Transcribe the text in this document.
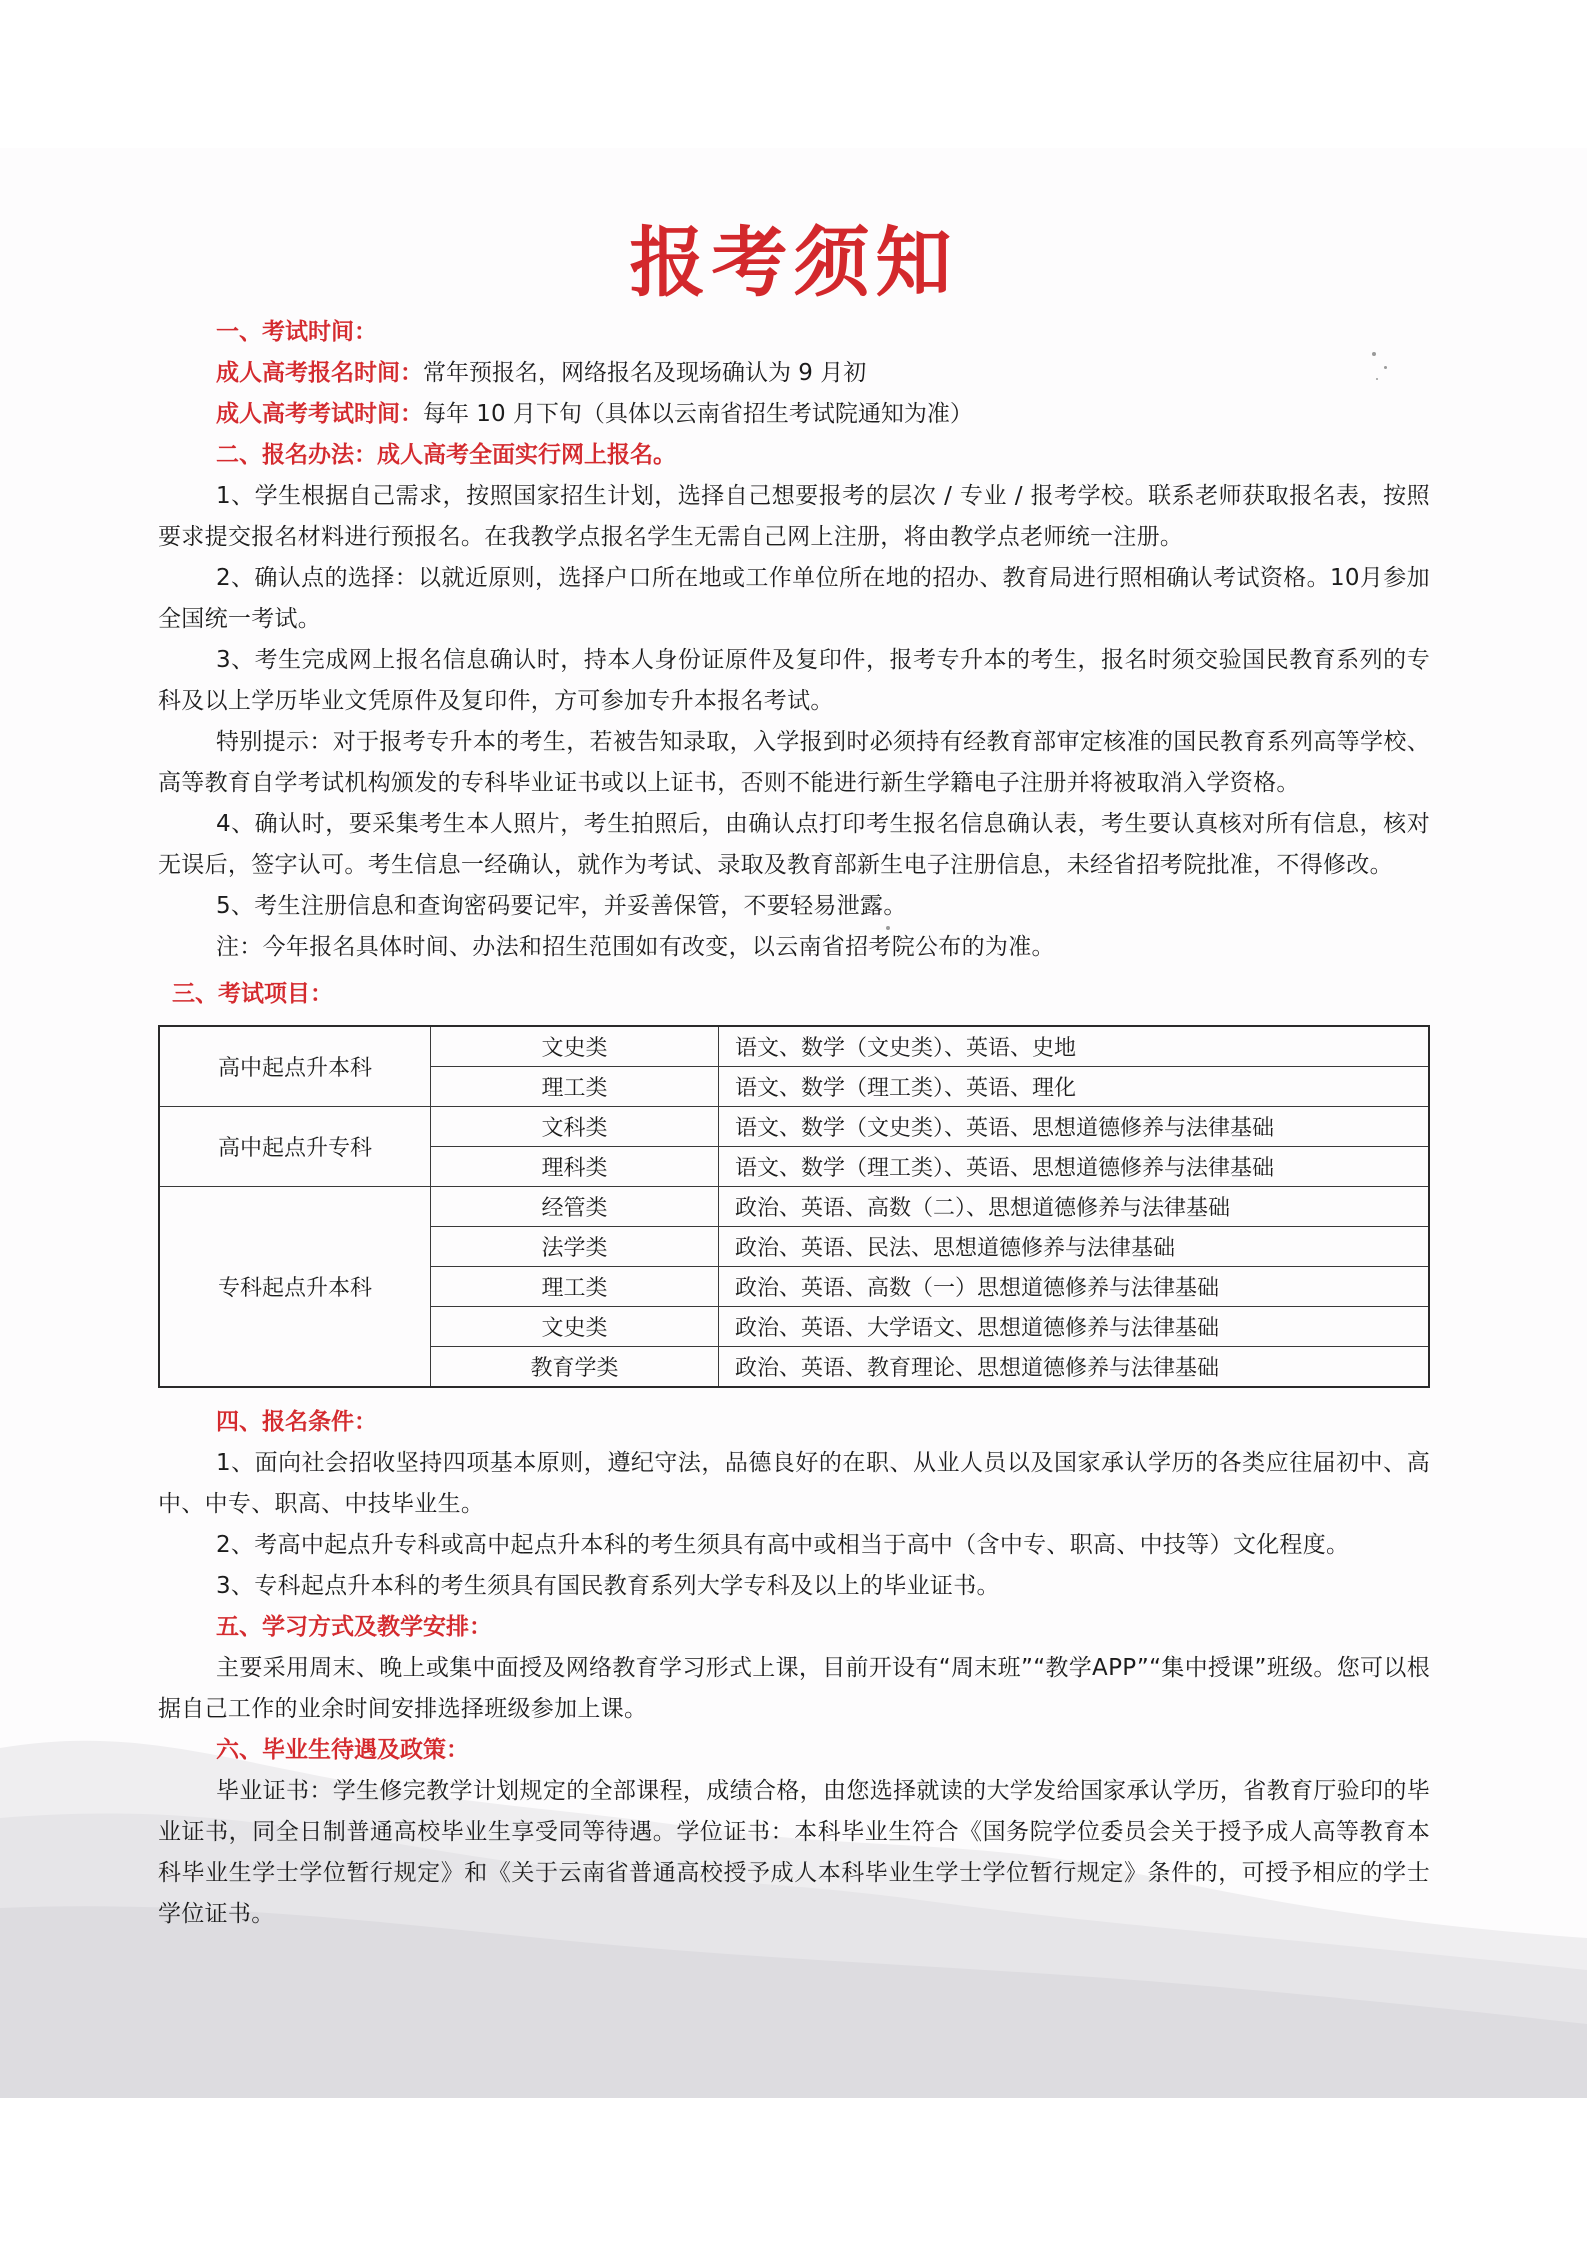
报考须知
一、考试时间：
成人高考报名时间：常年预报名，网络报名及现场确认为 9 月初
成人高考考试时间：每年 10 月下旬（具体以云南省招生考试院通知为准）
二、报名办法：成人高考全面实行网上报名。
1、学生根据自己需求，按照国家招生计划，选择自己想要报考的层次 / 专业 / 报考学校。联系老师获取报名表，按照要求提交报名材料进行预报名。在我教学点报名学生无需自己网上注册，将由教学点老师统一注册。
2、确认点的选择：以就近原则，选择户口所在地或工作单位所在地的招办、教育局进行照相确认考试资格。10月参加全国统一考试。
3、考生完成网上报名信息确认时，持本人身份证原件及复印件，报考专升本的考生，报名时须交验国民教育系列的专科及以上学历毕业文凭原件及复印件，方可参加专升本报名考试。
特别提示：对于报考专升本的考生，若被告知录取，入学报到时必须持有经教育部审定核准的国民教育系列高等学校、高等教育自学考试机构颁发的专科毕业证书或以上证书，否则不能进行新生学籍电子注册并将被取消入学资格。
4、确认时，要采集考生本人照片，考生拍照后，由确认点打印考生报名信息确认表，考生要认真核对所有信息，核对无误后，签字认可。考生信息一经确认，就作为考试、录取及教育部新生电子注册信息，未经省招考院批准，不得修改。
5、考生注册信息和查询密码要记牢，并妥善保管，不要轻易泄露。
注：今年报名具体时间、办法和招生范围如有改变，以云南省招考院公布的为准。
三、考试项目：
高中起点升本科	文史类	语文、数学（文史类）、英语、史地
	理工类	语文、数学（理工类）、英语、理化
高中起点升专科	文科类	语文、数学（文史类）、英语、思想道德修养与法律基础
	理科类	语文、数学（理工类）、英语、思想道德修养与法律基础
专科起点升本科	经管类	政治、英语、高数（二）、思想道德修养与法律基础
	法学类	政治、英语、民法、思想道德修养与法律基础
	理工类	政治、英语、高数（一）思想道德修养与法律基础
	文史类	政治、英语、大学语文、思想道德修养与法律基础
	教育学类	政治、英语、教育理论、思想道德修养与法律基础
四、报名条件：
1、面向社会招收坚持四项基本原则，遵纪守法，品德良好的在职、从业人员以及国家承认学历的各类应往届初中、高中、中专、职高、中技毕业生。
2、考高中起点升专科或高中起点升本科的考生须具有高中或相当于高中（含中专、职高、中技等）文化程度。
3、专科起点升本科的考生须具有国民教育系列大学专科及以上的毕业证书。
五、学习方式及教学安排：
主要采用周末、晚上或集中面授及网络教育学习形式上课，目前开设有“周末班”“教学APP”“集中授课”班级。您可以根据自己工作的业余时间安排选择班级参加上课。
六、毕业生待遇及政策：
毕业证书：学生修完教学计划规定的全部课程，成绩合格，由您选择就读的大学发给国家承认学历，省教育厅验印的毕业证书，同全日制普通高校毕业生享受同等待遇。学位证书：本科毕业生符合《国务院学位委员会关于授予成人高等教育本科毕业生学士学位暂行规定》和《关于云南省普通高校授予成人本科毕业生学士学位暂行规定》条件的，可授予相应的学士学位证书。
